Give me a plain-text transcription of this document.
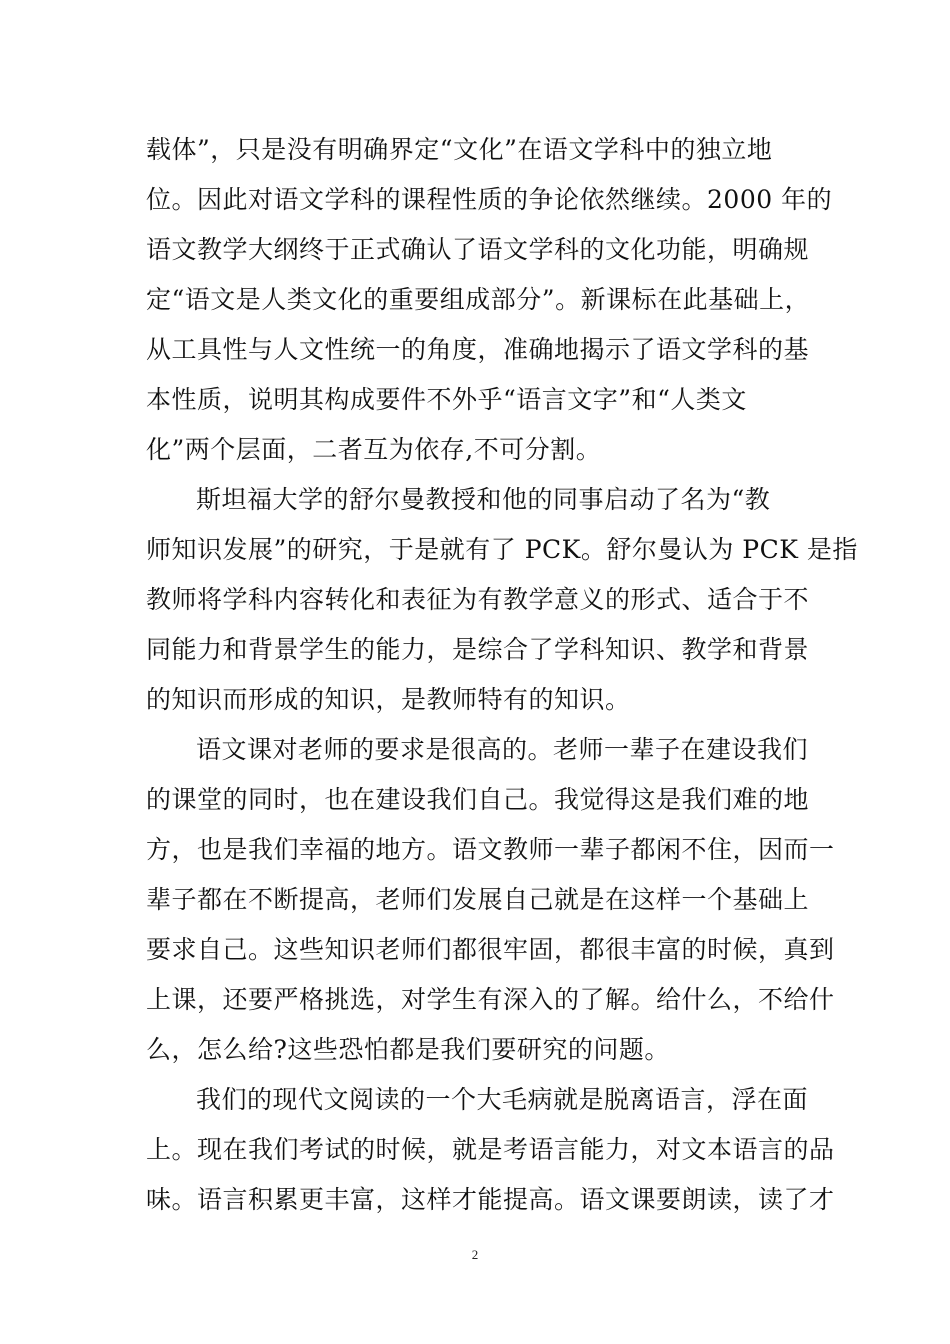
载体”，只是没有明确界定“文化”在语文学科中的独立地
位。因此对语文学科的课程性质的争论依然继续。2000 年的
语文教学大纲终于正式确认了语文学科的文化功能，明确规
定“语文是人类文化的重要组成部分”。新课标在此基础上，
从工具性与人文性统一的角度，准确地揭示了语文学科的基
本性质，说明其构成要件不外乎“语言文字”和“人类文
化”两个层面，二者互为依存,不可分割。
斯坦福大学的舒尔曼教授和他的同事启动了名为“教
师知识发展”的研究，于是就有了 PCK。舒尔曼认为 PCK 是指
教师将学科内容转化和表征为有教学意义的形式、适合于不
同能力和背景学生的能力，是综合了学科知识、教学和背景
的知识而形成的知识，是教师特有的知识。
语文课对老师的要求是很高的。老师一辈子在建设我们
的课堂的同时，也在建设我们自己。我觉得这是我们难的地
方，也是我们幸福的地方。语文教师一辈子都闲不住，因而一
辈子都在不断提高，老师们发展自己就是在这样一个基础上
要求自己。这些知识老师们都很牢固，都很丰富的时候，真到
上课，还要严格挑选，对学生有深入的了解。给什么，不给什
么，怎么给?这些恐怕都是我们要研究的问题。
我们的现代文阅读的一个大毛病就是脱离语言，浮在面
上。现在我们考试的时候，就是考语言能力，对文本语言的品
味。语言积累更丰富，这样才能提高。语文课要朗读，读了才
2
